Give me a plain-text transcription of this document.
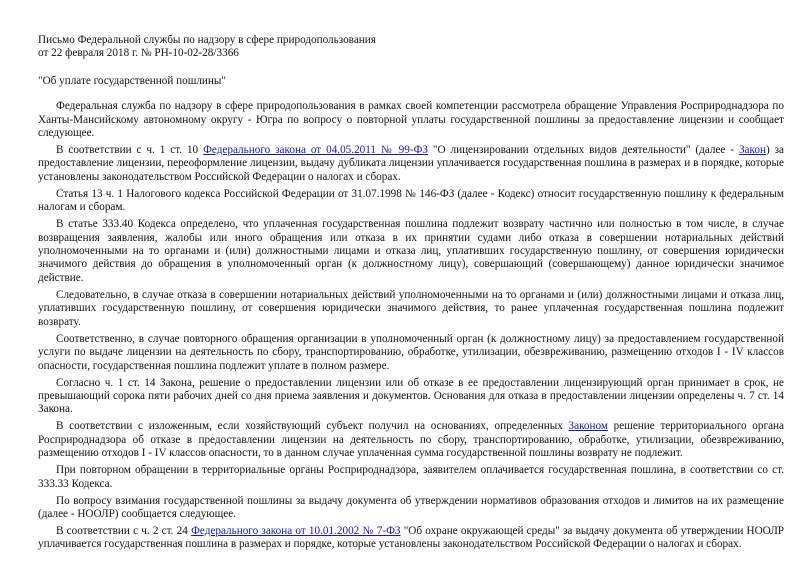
Письмо Федеральной службы по надзору в сфере природопользования
от 22 февраля 2018 г. № РН-10-02-28/3366
"Об уплате государственной пошлины"

Федеральная служба по надзору в сфере природопользования в рамках своей компетенции рассмотрела обращение Управления Росприроднадзора по Ханты-Мансийскому автономному округу - Югра по вопросу о повторной уплаты государственной пошлины за предоставление лицензии и сообщает следующее.

В соответствии с ч. 1 ст. 10 Федерального закона от 04.05.2011 № 99-ФЗ "О лицензировании отдельных видов деятельности" (далее - Закон) за предоставление лицензии, переоформление лицензии, выдачу дубликата лицензии уплачивается государственная пошлина в размерах и в порядке, которые установлены законодательством Российской Федерации о налогах и сборах.

Статья 13 ч. 1 Налогового кодекса Российской Федерации от 31.07.1998 № 146-ФЗ (далее - Кодекс) относит государственную пошлину к федеральным налогам и сборам.

В статье 333.40 Кодекса определено, что уплаченная государственная пошлина подлежит возврату частично или полностью в том числе, в случае возвращения заявления, жалобы или иного обращения или отказа в их принятии судами либо отказа в совершении нотариальных действий уполномоченными на то органами и (или) должностными лицами и отказа лиц, уплативших государственную пошлину, от совершения юридически значимого действия до обращения в уполномоченный орган (к должностному лицу), совершающий (совершающему) данное юридически значимое действие.

Следовательно, в случае отказа в совершении нотариальных действий уполномоченными на то органами и (или) должностными лицами и отказа лиц, уплативших государственную пошлину, от совершения юридически значимого действия, то ранее уплаченная государственная пошлина подлежит возврату.

Соответственно, в случае повторного обращения организации в уполномоченный орган (к должностному лицу) за предоставлением государственной услуги по выдаче лицензии на деятельность по сбору, транспортированию, обработке, утилизации, обезвреживанию, размещению отходов I - IV классов опасности, государственная пошлина подлежит уплате в полном размере.

Согласно ч. 1 ст. 14 Закона, решение о предоставлении лицензии или об отказе в ее предоставлении лицензирующий орган принимает в срок, не превышающий сорока пяти рабочих дней со дня приема заявления и документов. Основания для отказа в предоставлении лицензии определены ч. 7 ст. 14 Закона.

В соответствии с изложенным, если хозяйствующий субъект получил на основаниях, определенных Законом решение территориального органа Росприроднадзора об отказе в предоставлении лицензии на деятельность по сбору, транспортированию, обработке, утилизации, обезвреживанию, размещению отходов I - IV классов опасности, то в данном случае уплаченная сумма государственной пошлины возврату не подлежит.

При повторном обращении в территориальные органы Росприроднадзора, заявителем оплачивается государственная пошлина, в соответствии со ст. 333.33 Кодекса.

По вопросу взимания государственной пошлины за выдачу документа об утверждении нормативов образования отходов и лимитов на их размещение (далее - НООЛР) сообщается следующее.

В соответствии с ч. 2 ст. 24 Федерального закона от 10.01.2002 № 7-ФЗ "Об охране окружающей среды" за выдачу документа об утверждении НООЛР уплачивается государственная пошлина в размерах и порядке, которые установлены законодательством Российской Федерации о налогах и сборах.
